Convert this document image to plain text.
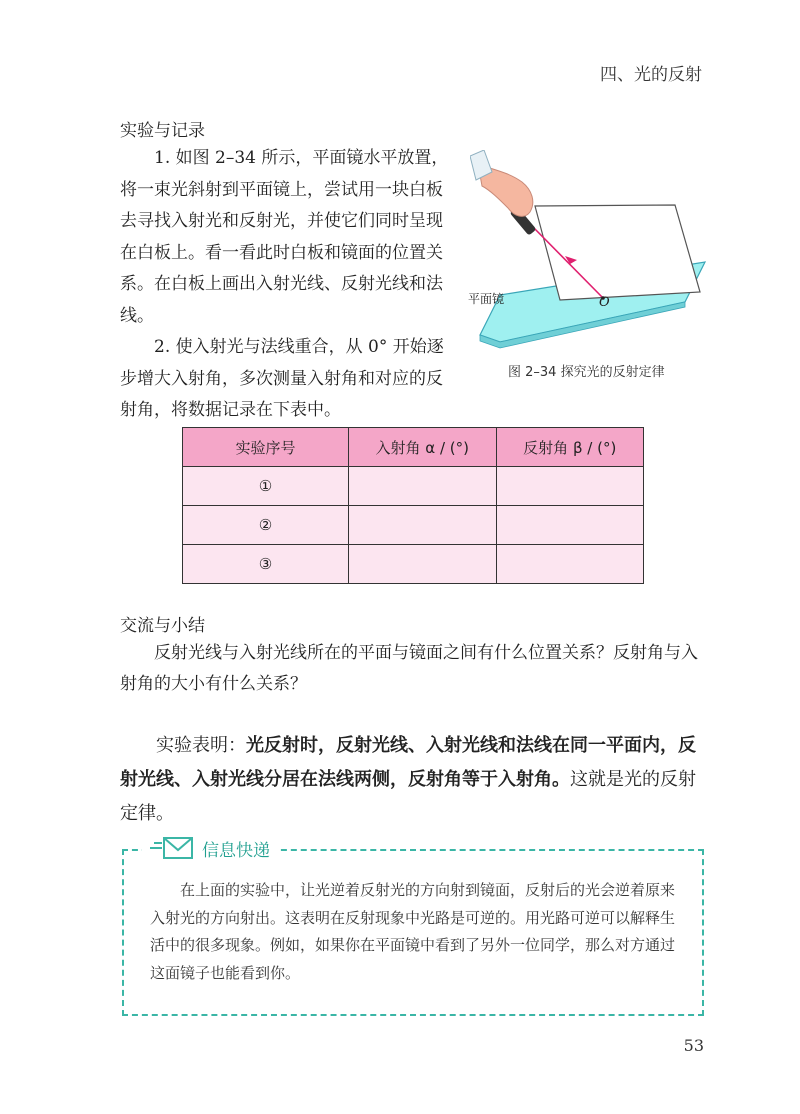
四、光的反射
实验与记录

1. 如图 2–34 所示，平面镜水平放置，将一束光斜射到平面镜上，尝试用一块白板去寻找入射光和反射光，并使它们同时呈现在白板上。看一看此时白板和镜面的位置关系。在白板上画出入射光线、反射光线和法线。

2. 使入射光与法线重合，从 0° 开始逐步增大入射角，多次测量入射角和对应的反射角，将数据记录在下表中。

O
平面镜
图 2–34 探究光的反射定律
实验序号	入射角 α / (°)	反射角 β / (°)
①		
②		
③		
交流与小结

反射光线与入射光线所在的平面与镜面之间有什么位置关系？反射角与入射角的大小有什么关系？

实验表明：光反射时，反射光线、入射光线和法线在同一平面内，反射光线、入射光线分居在法线两侧，反射角等于入射角。这就是光的反射定律。

信息快递

在上面的实验中，让光逆着反射光的方向射到镜面，反射后的光会逆着原来入射光的方向射出。这表明在反射现象中光路是可逆的。用光路可逆可以解释生活中的很多现象。例如，如果你在平面镜中看到了另外一位同学，那么对方通过这面镜子也能看到你。

53
